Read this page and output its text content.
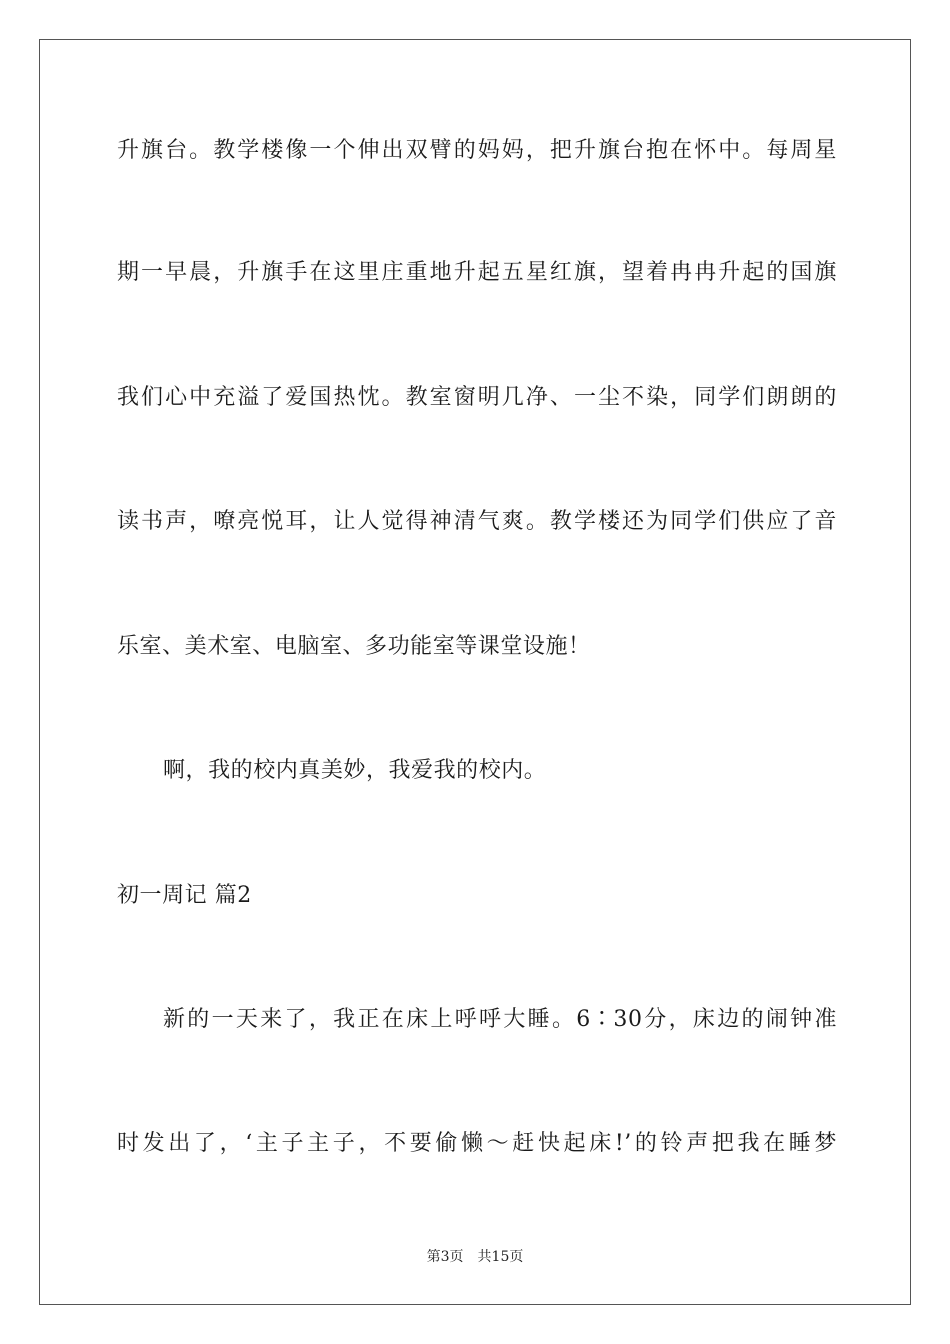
升旗台。教学楼像一个伸出双臂的妈妈，把升旗台抱在怀中。每周星
期一早晨，升旗手在这里庄重地升起五星红旗，望着冉冉升起的国旗
我们心中充溢了爱国热忱。教室窗明几净、一尘不染，同学们朗朗的
读书声，嘹亮悦耳，让人觉得神清气爽。教学楼还为同学们供应了音
乐室、美术室、电脑室、多功能室等课堂设施！
啊，我的校内真美妙，我爱我的校内。
初一周记 篇2
新的一天来了，我正在床上呼呼大睡。6∶30分，床边的闹钟准
时发出了，‘主子主子，不要偷懒～赶快起床!’的铃声把我在睡梦
第3页 共15页
